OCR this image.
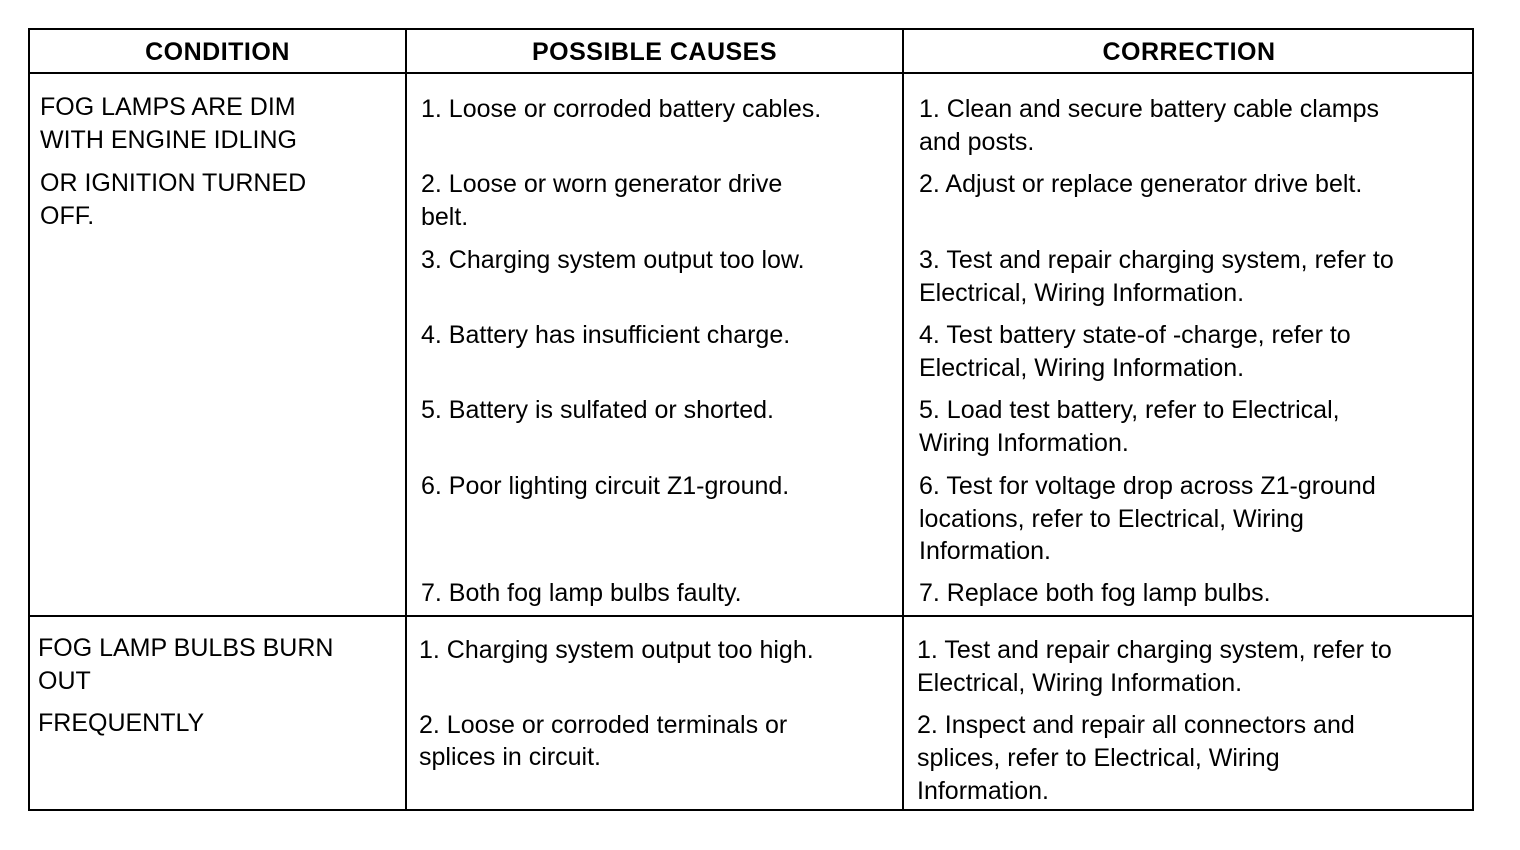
CONDITION	POSSIBLE CAUSES	CORRECTION
FOG LAMPS ARE DIM
WITH ENGINE IDLING
OR IGNITION TURNED
OFF.
1. Loose or corroded battery cables.
2. Loose or worn generator drive
belt.
3. Charging system output too low.
4. Battery has insufficient charge.
5. Battery is sulfated or shorted.
6. Poor lighting circuit Z1-ground.
7. Both fog lamp bulbs faulty.
1. Clean and secure battery cable clamps
and posts.
2. Adjust or replace generator drive belt.
3. Test and repair charging system, refer to
Electrical, Wiring Information.
4. Test battery state-of -charge, refer to
Electrical, Wiring Information.
5. Load test battery, refer to Electrical,
Wiring Information.
6. Test for voltage drop across Z1-ground
locations, refer to Electrical, Wiring
Information.
7. Replace both fog lamp bulbs.
FOG LAMP BULBS BURN
OUT
FREQUENTLY
1. Charging system output too high.
2. Loose or corroded terminals or
splices in circuit.
1. Test and repair charging system, refer to
Electrical, Wiring Information.
2. Inspect and repair all connectors and
splices, refer to Electrical, Wiring
Information.
